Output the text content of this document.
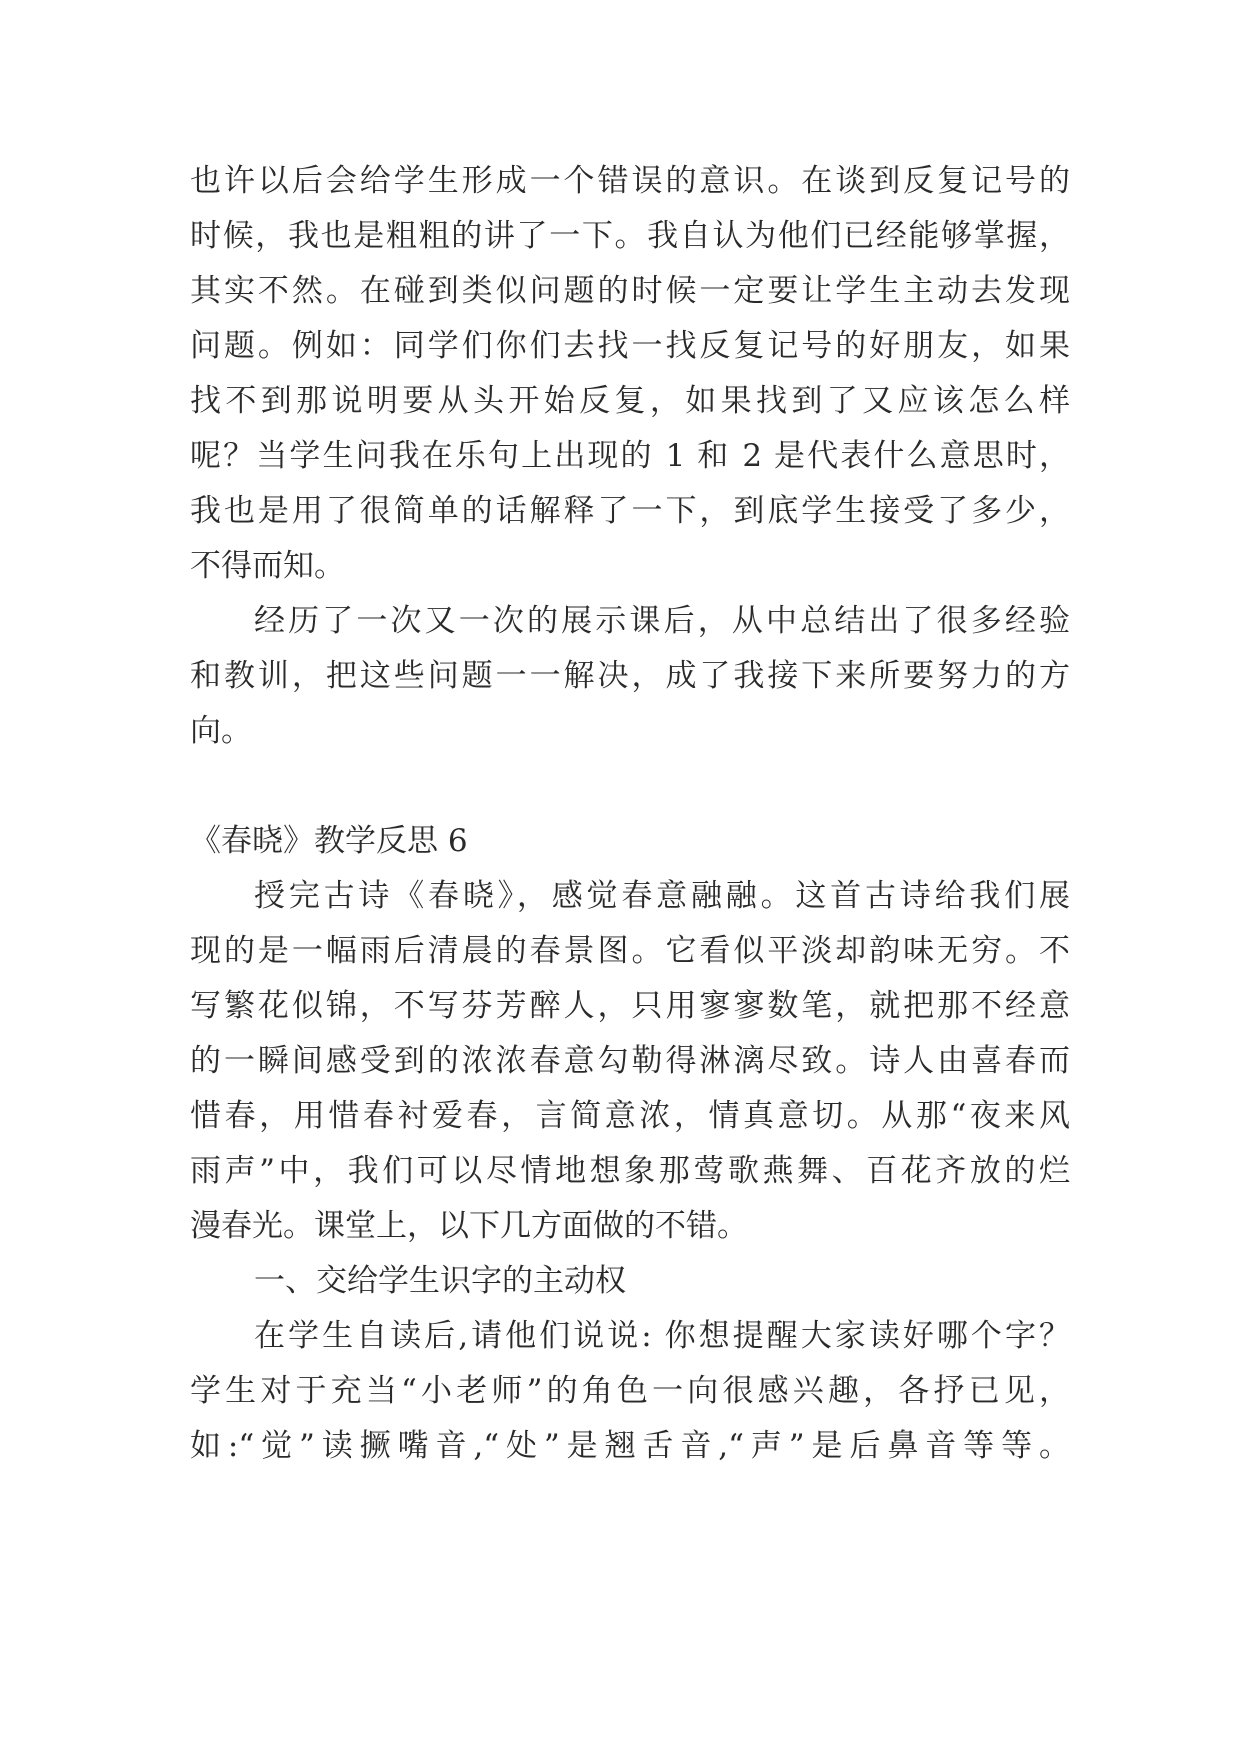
也许以后会给学生形成一个错误的意识。在谈到反复记号的
时候，我也是粗粗的讲了一下。我自认为他们已经能够掌握，
其实不然。在碰到类似问题的时候一定要让学生主动去发现
问题。例如：同学们你们去找一找反复记号的好朋友，如果
找不到那说明要从头开始反复，如果找到了又应该怎么样
呢？当学生问我在乐句上出现的 1 和 2 是代表什么意思时，
我也是用了很简单的话解释了一下，到底学生接受了多少，
不得而知。
经历了一次又一次的展示课后，从中总结出了很多经验
和教训，把这些问题一一解决，成了我接下来所要努力的方
向。
《春晓》教学反思 6
授完古诗《春晓》，感觉春意融融。这首古诗给我们展
现的是一幅雨后清晨的春景图。它看似平淡却韵味无穷。不
写繁花似锦，不写芬芳醉人，只用寥寥数笔，就把那不经意
的一瞬间感受到的浓浓春意勾勒得淋漓尽致。诗人由喜春而
惜春，用惜春衬爱春，言简意浓，情真意切。从那“夜来风
雨声”中，我们可以尽情地想象那莺歌燕舞、百花齐放的烂
漫春光。课堂上，以下几方面做的不错。
一、交给学生识字的主动权
在学生自读后,请他们说说: 你想提醒大家读好哪个字？
学生对于充当“小老师”的角色一向很感兴趣，各抒已见，
如:“觉”读撅嘴音,“处”是翘舌音,“声”是后鼻音等等。
